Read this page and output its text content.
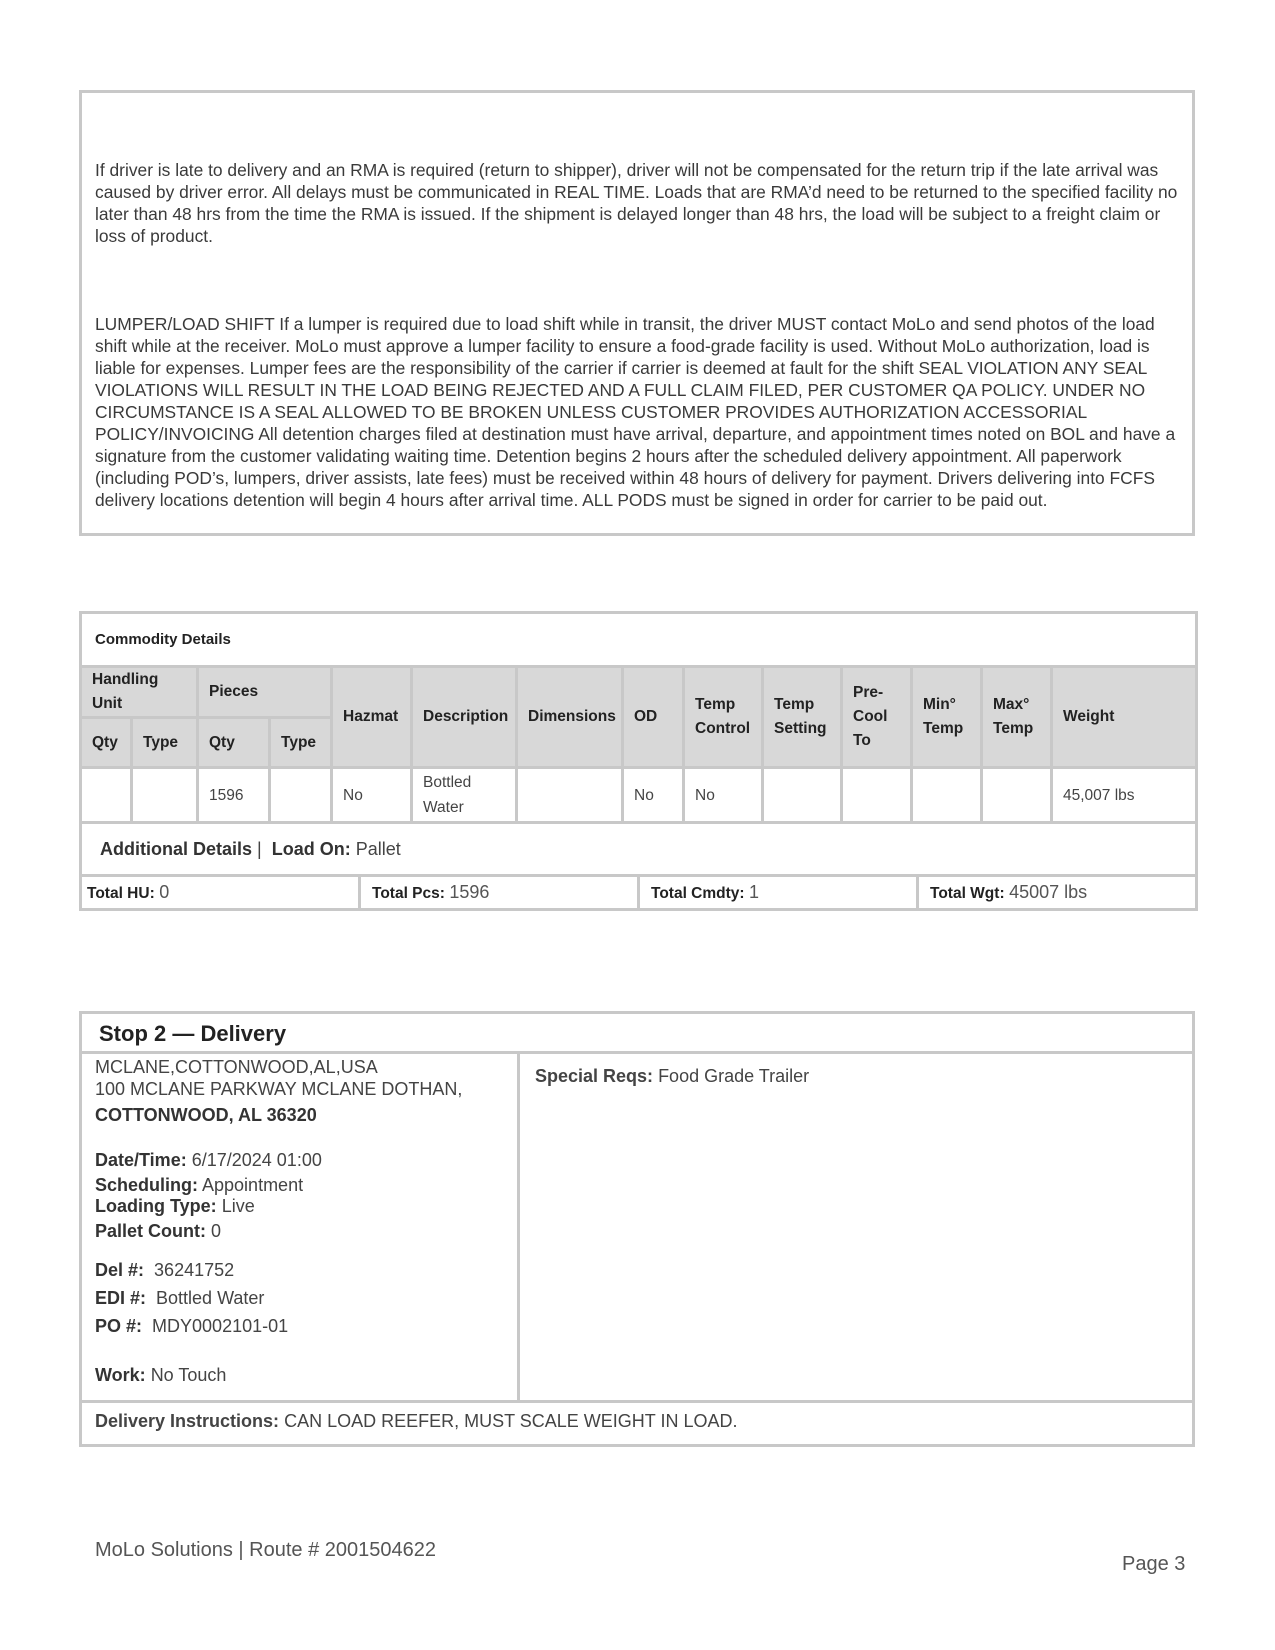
If driver is late to delivery and an RMA is required (return to shipper), driver will not be compensated for the return trip if the late arrival was caused by driver error. All delays must be communicated in REAL TIME. Loads that are RMA’d need to be returned to the specified facility no later than 48 hrs from the time the RMA is issued. If the shipment is delayed longer than 48 hrs, the load will be subject to a freight claim or loss of product.
LUMPER/LOAD SHIFT If a lumper is required due to load shift while in transit, the driver MUST contact MoLo and send photos of the load shift while at the receiver. MoLo must approve a lumper facility to ensure a food-grade facility is used. Without MoLo authorization, load is liable for expenses. Lumper fees are the responsibility of the carrier if carrier is deemed at fault for the shift SEAL VIOLATION ANY SEAL VIOLATIONS WILL RESULT IN THE LOAD BEING REJECTED AND A FULL CLAIM FILED, PER CUSTOMER QA POLICY. UNDER NO CIRCUMSTANCE IS A SEAL ALLOWED TO BE BROKEN UNLESS CUSTOMER PROVIDES AUTHORIZATION ACCESSORIAL POLICY/INVOICING All detention charges filed at destination must have arrival, departure, and appointment times noted on BOL and have a signature from the customer validating waiting time. Detention begins 2 hours after the scheduled delivery appointment. All paperwork (including POD’s, lumpers, driver assists, late fees) must be received within 48 hours of delivery for payment. Drivers delivering into FCFS delivery locations detention will begin 4 hours after arrival time. ALL PODS must be signed in order for carrier to be paid out.
Commodity Details													
Handling Unit		Pieces		Hazmat	Description	Dimensions	OD	Temp Control	Temp Setting	Pre-Cool To	Min° Temp	Max° Temp	Weight
Qty	Type	Qty	Type										
		1596		No	Bottled Water		No	No					45,007 lbs
Additional Details | Load On: Pallet													
Total HU: 0	Total Pcs: 1596	Total Cmdty: 1	Total Wgt: 45007 lbs
Stop 2 — Delivery
MCLANE,COTTONWOOD,AL,USA
100 MCLANE PARKWAY MCLANE DOTHAN,
COTTONWOOD, AL 36320
Date/Time: 6/17/2024 01:00
Scheduling: Appointment
Loading Type: Live
Pallet Count: 0
Del #: 36241752
EDI #: Bottled Water
PO #: MDY0002101-01
Work: No Touch
Special Reqs: Food Grade Trailer
Delivery Instructions: CAN LOAD REEFER, MUST SCALE WEIGHT IN LOAD.
MoLo Solutions | Route # 2001504622
Page 3
